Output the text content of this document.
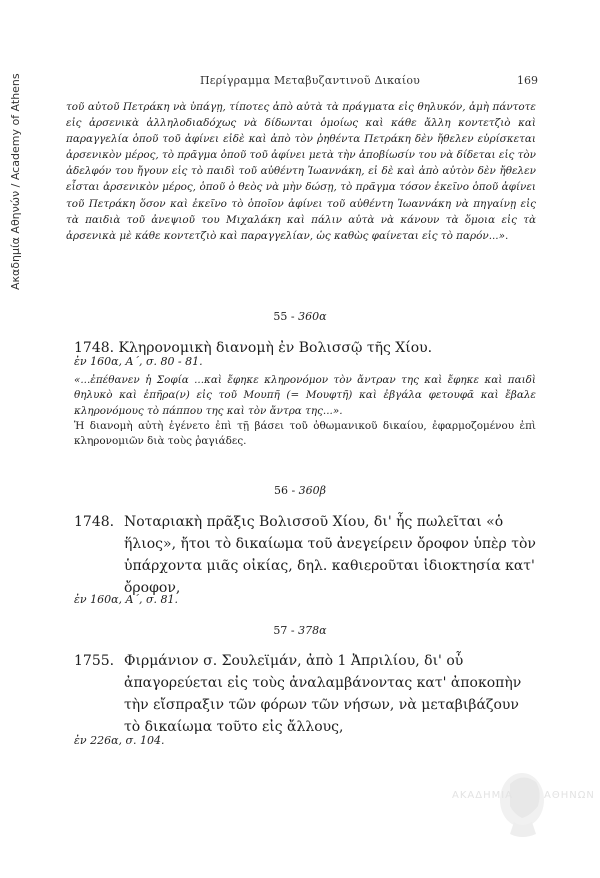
Ακαδημία Αθηνών / Academy of Athens	Περίγραμμα Μεταβυζαντινοῦ Δικαίου	169
τοῦ αὐτοῦ Πετράκη νὰ ὑπάγῃ, τίποτες ἀπὸ αὐτὰ τὰ πράγματα εἰς θηλυκόν, ἀμὴ πάντοτε εἰς ἀρσενικὰ ἀλληλοδιαδόχως νὰ δίδωνται ὁμοίως καὶ κάθε ἄλλη κοντετζιὸ καὶ παραγγελία ὁποῦ τοῦ ἀφίνει εἰδὲ καὶ ἀπὸ τὸν ῥηθέντα Πετράκη δὲν ἤθελεν εὑρίσκεται ἀρσενικὸν μέρος, τὸ πρᾶγμα ὁποῦ τοῦ ἀφίνει μετὰ τὴν ἀποβίωσίν του νὰ δίδεται εἰς τὸν ἀδελφόν του ἤγουν εἰς τὸ παιδὶ τοῦ αὐθέντη Ἰωαννάκη, εἰ δὲ καὶ ἀπὸ αὐτὸν δὲν ἤθελεν εἶσται ἀρσενικὸν μέρος, ὁποῦ ὁ θεὸς νὰ μὴν δώσῃ, τὸ πρᾶγμα τόσον ἐκεῖνο ὁποῦ ἀφίνει τοῦ Πετράκη ὅσον καὶ ἐκεῖνο τὸ ὁποῖον ἀφίνει τοῦ αὐθέντη Ἰωαννάκη νὰ πηγαίνῃ εἰς τὰ παιδιὰ τοῦ ἀνεψιοῦ του Μιχαλάκη καὶ πάλιν αὐτὰ νὰ κάνουν τὰ ὅμοια εἰς τὰ ἀρσενικὰ μὲ κάθε κοντετζιὸ καὶ παραγγελίαν, ὡς καθὼς φαίνεται εἰς τὸ παρόν...».
55 - 360α
1748. Κληρονομικὴ διανομὴ ἐν Βολισσῷ τῆς Χίου.
ἐν 160α, Α΄, σ. 80 - 81.
«...ἐπέθανεν ἡ Σοφία ...καὶ ἔφηκε κληρονόμον τὸν ἄντραν της καὶ ἔφηκε καὶ παιδὶ θηλυκὸ καὶ ἐπῆρα(ν) εἰς τοῦ Μουπῆ (= Μουφτῆ) καὶ ἐβγάλα φετουφᾶ καὶ ἔβαλε κληρονόμους τὸ πάππου της καὶ τὸν ἄντρα της...».
Ἡ διανομὴ αὐτὴ ἐγένετο ἐπὶ τῇ βάσει τοῦ ὀθωμανικοῦ δικαίου, ἐφαρμοζομένου ἐπὶ κληρονομιῶν διὰ τοὺς ῥαγιάδες.
56 - 360β
1748. Νοταριακὴ πρᾶξις Βολισσοῦ Χίου, δι' ἧς πωλεῖται «ὁ ἥλιος», ἤτοι τὸ δικαίωμα τοῦ ἀνεγείρειν ὄροφον ὑπὲρ τὸν ὑπάρχοντα μιᾶς οἰκίας, δηλ. καθιεροῦται ἰδιοκτησία κατ' ὄροφον,
ἐν 160α, Α΄, σ. 81.
57 - 378α
1755. Φιρμάνιον σ. Σουλεϊμάν, ἀπὸ 1 Ἀπριλίου, δι' οὗ ἀπαγορεύεται εἰς τοὺς ἀναλαμβάνοντας κατ' ἀποκοπὴν τὴν εἴσπραξιν τῶν φόρων τῶν νήσων, νὰ μεταβιβάζουν τὸ δικαίωμα τοῦτο εἰς ἄλλους,
ἐν 226α, σ. 104.
ΑΚΑΔΗΜΙΑ	ΑΘΗΝΩΝ
